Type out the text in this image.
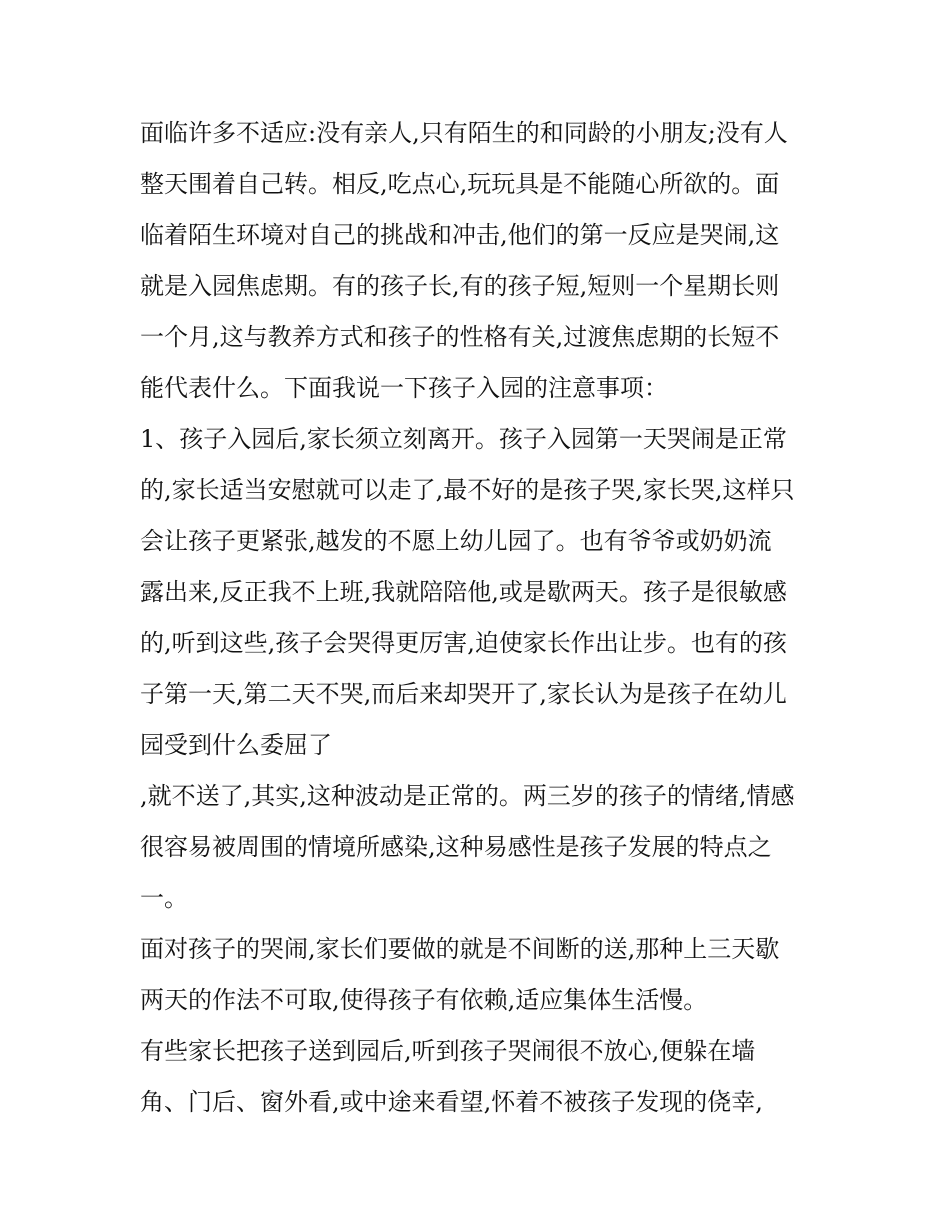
面临许多不适应:没有亲人,只有陌生的和同龄的小朋友;没有人
整天围着自己转。相反,吃点心,玩玩具是不能随心所欲的。面
临着陌生环境对自己的挑战和冲击,他们的第一反应是哭闹,这
就是入园焦虑期。有的孩子长,有的孩子短,短则一个星期长则
一个月,这与教养方式和孩子的性格有关,过渡焦虑期的长短不
能代表什么。下面我说一下孩子入园的注意事项：
1、孩子入园后,家长须立刻离开。孩子入园第一天哭闹是正常
的,家长适当安慰就可以走了,最不好的是孩子哭,家长哭,这样只
会让孩子更紧张,越发的不愿上幼儿园了。也有爷爷或奶奶流
露出来,反正我不上班,我就陪陪他,或是歇两天。孩子是很敏感
的,听到这些,孩子会哭得更厉害,迫使家长作出让步。也有的孩
子第一天,第二天不哭,而后来却哭开了,家长认为是孩子在幼儿
园受到什么委屈了
,就不送了,其实,这种波动是正常的。两三岁的孩子的情绪,情感
很容易被周围的情境所感染,这种易感性是孩子发展的特点之
一。
面对孩子的哭闹,家长们要做的就是不间断的送,那种上三天歇
两天的作法不可取,使得孩子有依赖,适应集体生活慢。
有些家长把孩子送到园后,听到孩子哭闹很不放心,便躲在墙
角、门后、窗外看,或中途来看望,怀着不被孩子发现的侥幸,
